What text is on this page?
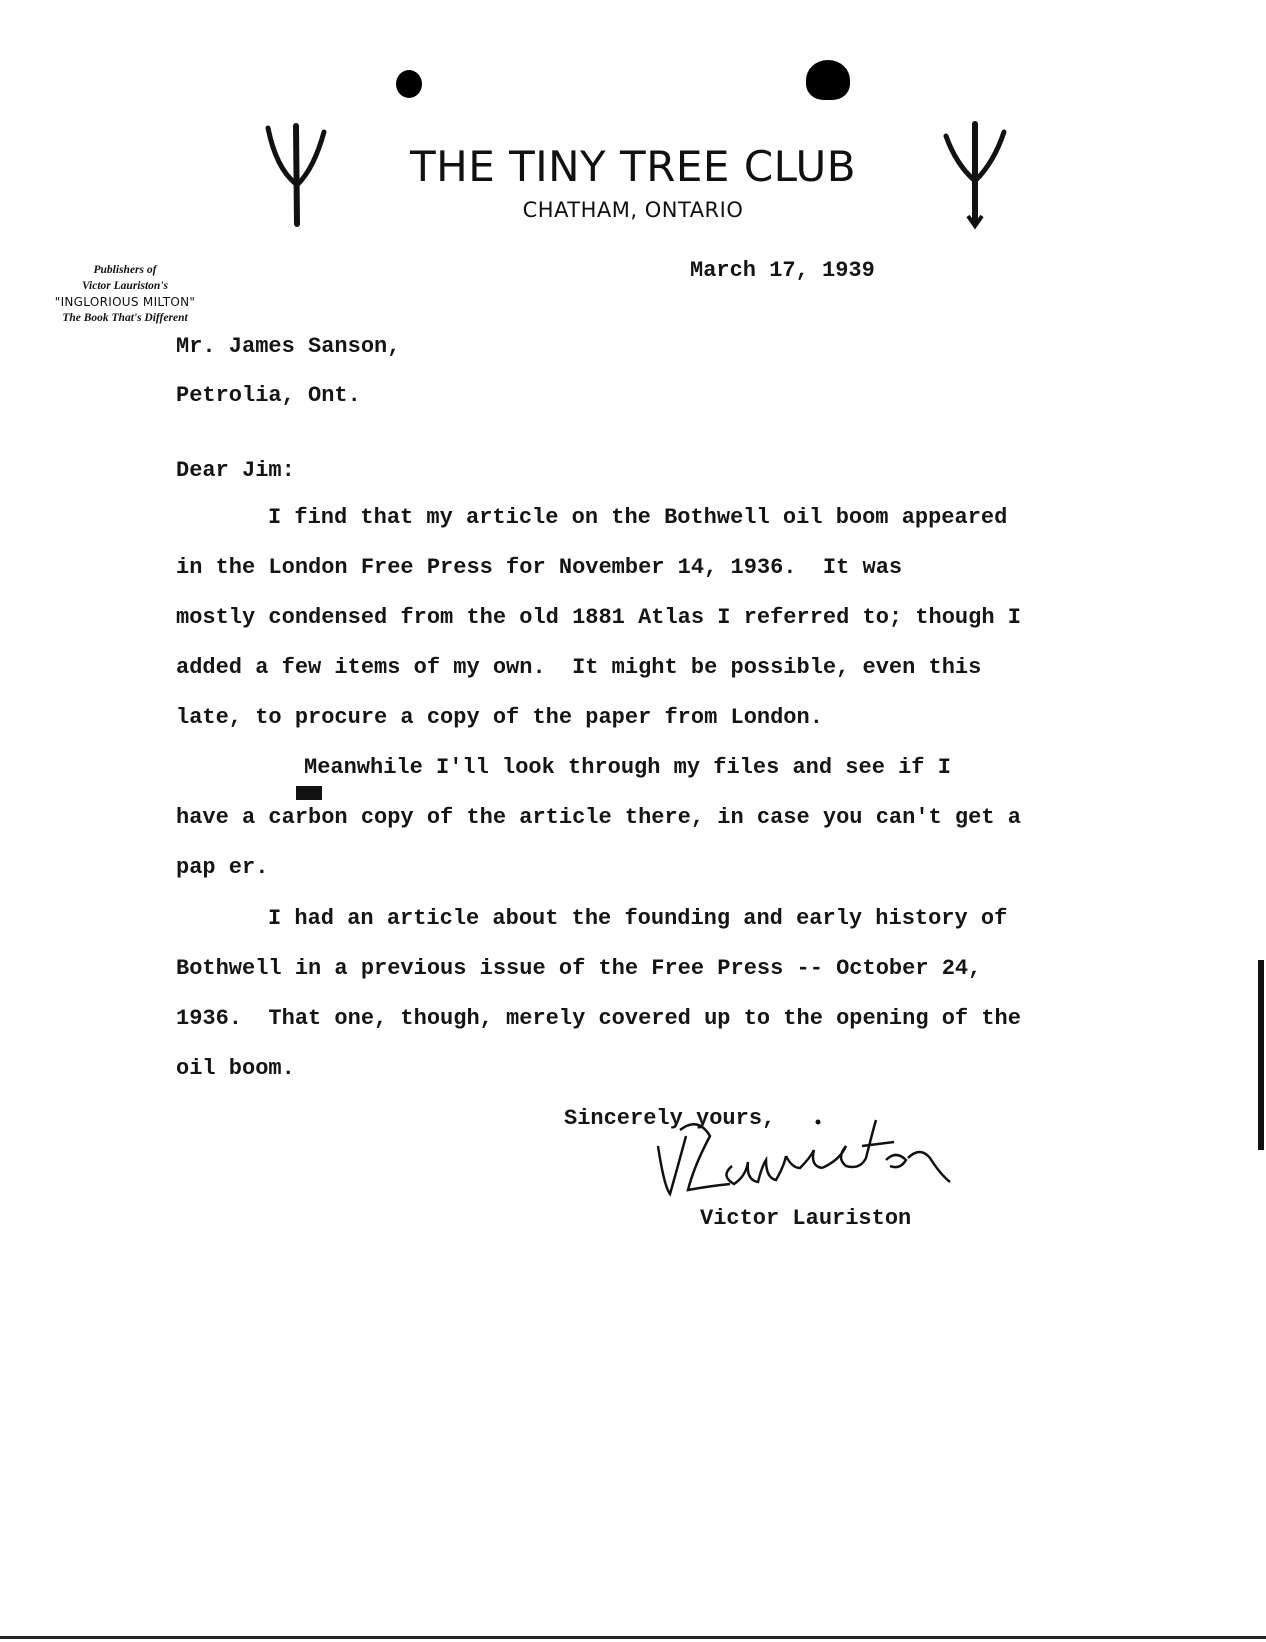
THE TINY TREE CLUB
CHATHAM, ONTARIO
Publishers of
Victor Lauriston's
"INGLORIOUS MILTON"
The Book That's Different
March 17, 1939
Mr. James Sanson,
Petrolia, Ont.
Dear Jim:
I find that my article on the Bothwell oil boom appeared
in the London Free Press for November 14, 1936.  It was
mostly condensed from the old 1881 Atlas I referred to; though I
added a few items of my own.  It might be possible, even this
late, to procure a copy of the paper from London.

Meanwhile I'll look through my files and see if I
have a carbon copy of the article there, in case you can't get a
pap er.
I had an article about the founding and early history of
Bothwell in a previous issue of the Free Press -- October 24,
1936.  That one, though, merely covered up to the opening of the
oil boom.
Sincerely yours,
Victor Lauriston
